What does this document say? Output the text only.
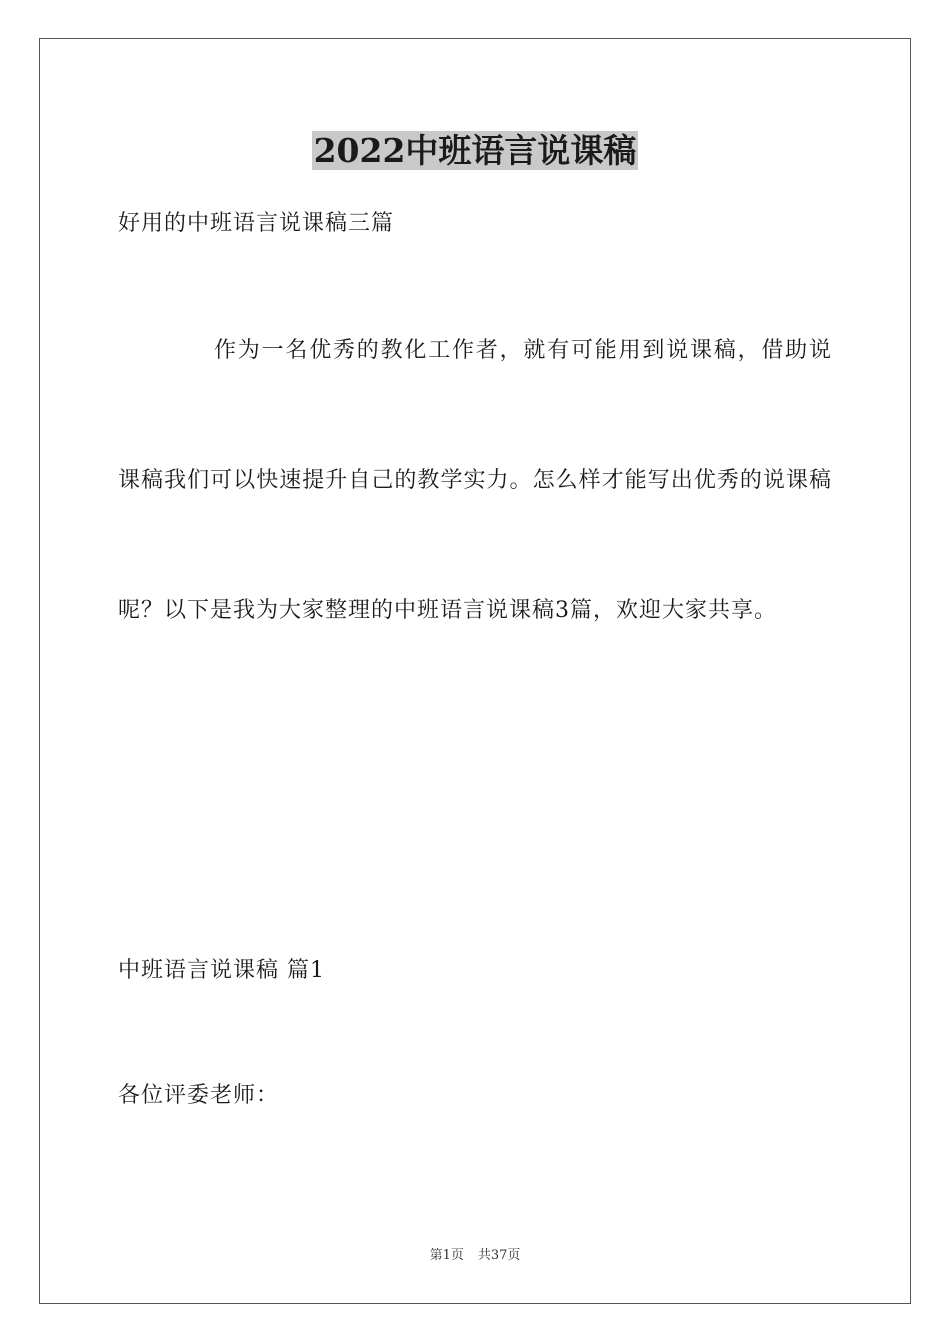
2022中班语言说课稿
好用的中班语言说课稿三篇
作为一名优秀的教化工作者，就有可能用到说课稿，借助说课稿我们可以快速提升自己的教学实力。怎么样才能写出优秀的说课稿呢？以下是我为大家整理的中班语言说课稿3篇，欢迎大家共享。
中班语言说课稿 篇1
各位评委老师：
第1页 共37页
